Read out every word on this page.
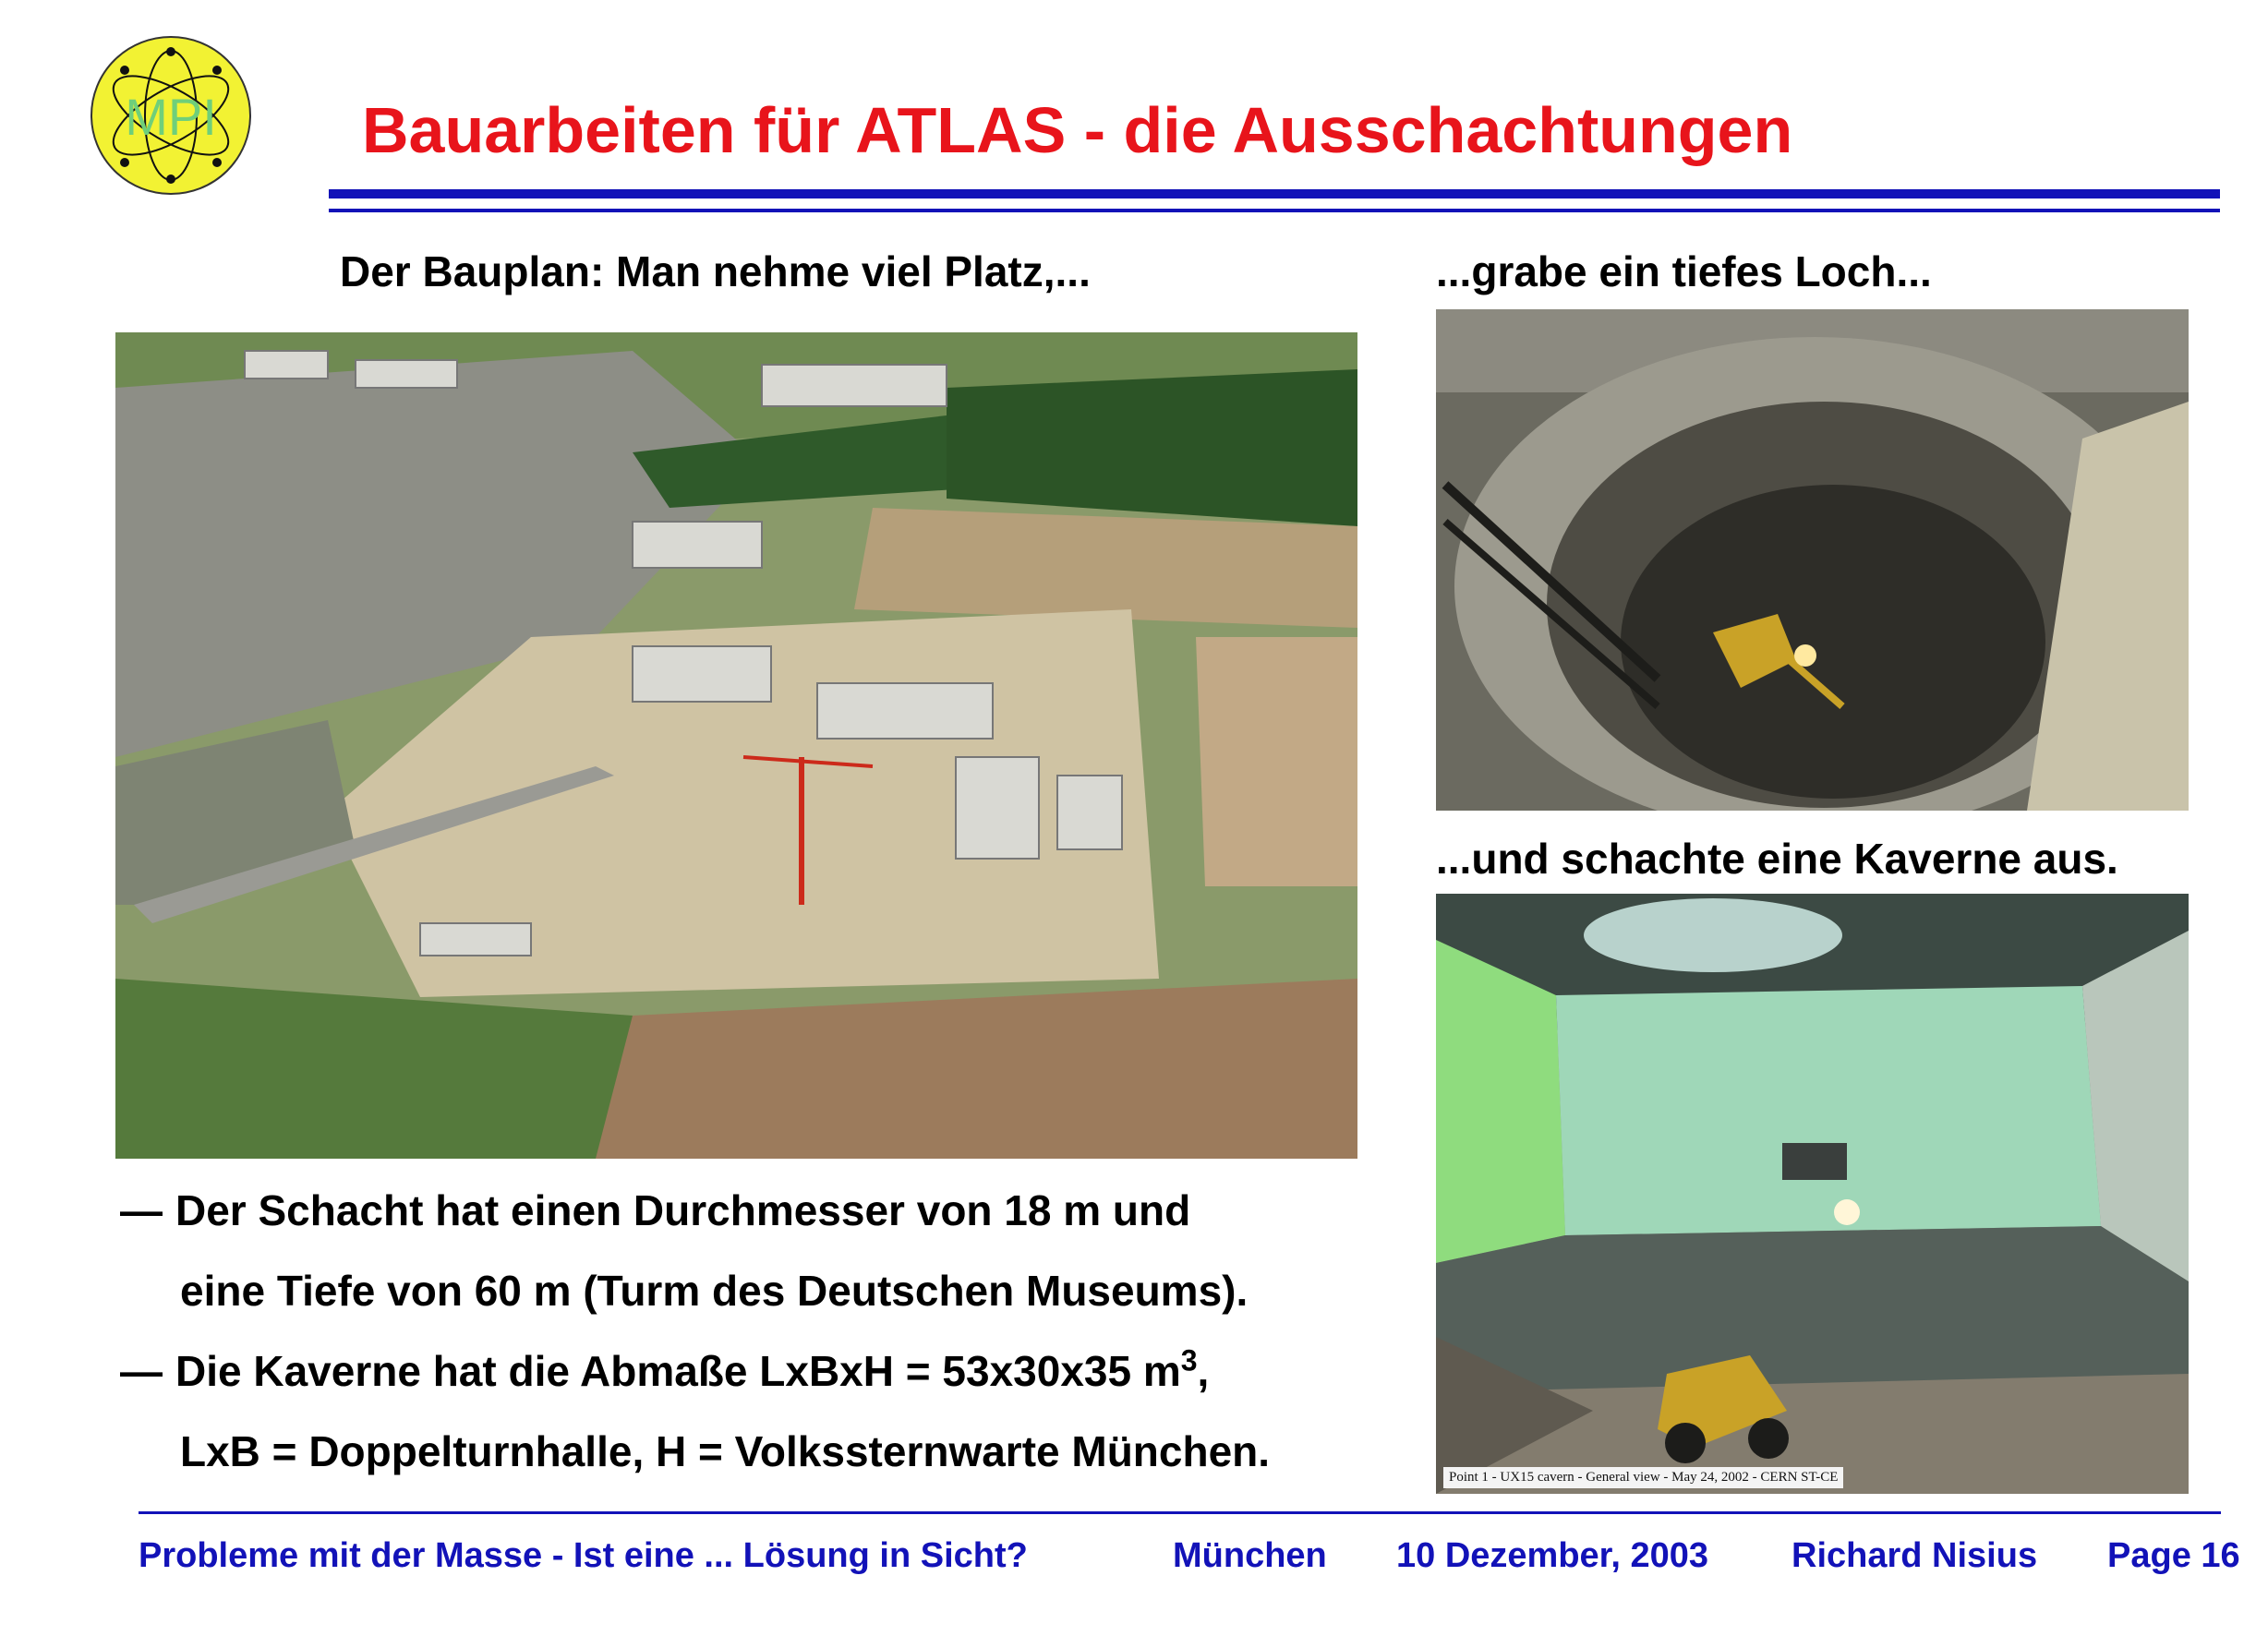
MPI Bauarbeiten für ATLAS - die Ausschachtungen
Der Bauplan: Man nehme viel Platz,...	...grabe ein tiefes Loch...
...und schachte eine Kaverne aus.
Point 1 - UX15 cavern - General view - May 24, 2002 - CERN ST-CE
— Der Schacht hat einen Durchmesser von 18 m und
eine Tiefe von 60 m (Turm des Deutschen Museums).
— Die Kaverne hat die Abmaße LxBxH = 53x30x35 $m^3$,
LxB = Doppelturnhalle, H = Volkssternwarte München.
Probleme mit der Masse - Ist eine ... Lösung in Sicht?	München 10 Dezember, 2003 Richard Nisius Page 16
